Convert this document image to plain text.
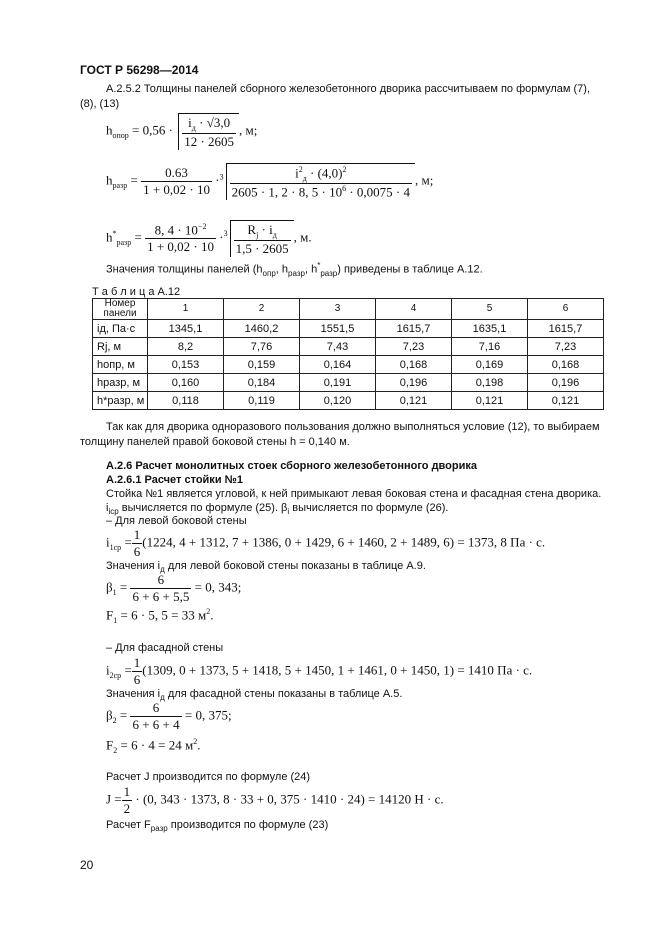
ГОСТ Р 56298—2014
А.2.5.2 Толщины панелей сборного железобетонного дворика рассчитываем по формулам (7),
(8), (13)
$h_{опор} = 0,56 \cdot \frac{i_д \cdot √3,0}{12 \cdot 2605}$ , м;
$h_{разр} = \frac{0.63}{1 + 0,02 \cdot 10} \cdot^3 \frac{i^2_д \cdot (4,0)^2}{2605 \cdot 1, 2 \cdot 8, 5 \cdot 10^6 \cdot 0,0075 \cdot 4}$ , м;
$h^*_{разр} = \frac{8, 4 \cdot 10^{-2}}{1 + 0,02 \cdot 10} \cdot^3 \frac{R_j \cdot i_д}{1,5 \cdot 2605}$ , м.
Значения толщины панелей ($h_{опр}$, $h_{разр}$, $h^*_{разр}$) приведены в таблице А.12.
Т а б л и ц а А.12
Номер панели	1	2	3	4	5	6
iд, Па·с	1345,1	1460,2	1551,5	1615,7	1635,1	1615,7
Rj, м	8,2	7,76	7,43	7,23	7,16	7,23
hопр, м	0,153	0,159	0,164	0,168	0,169	0,168
hразр, м	0,160	0,184	0,191	0,196	0,198	0,196
h*разр, м	0,118	0,119	0,120	0,121	0,121	0,121
Так как для дворика одноразового пользования должно выполняться условие (12), то выбираем
толщину панелей правой боковой стены h = 0,140 м.
А.2.6 Расчет монолитных стоек сборного железобетонного дворика
А.2.6.1 Расчет стойки №1
Стойка №1 является угловой, к ней примыкают левая боковая стена и фасадная стена дворика.
$i_{iср}$ вычисляется по формуле (25). $\beta_i$ вычисляется по формуле (26).
– Для левой боковой стены
$i_{1ср} = \frac{1}{6} (1224$, 4 + 1312, 7 + 1386, 0 + 1429, 6 + 1460, 2 + 1489, 6) = 1373, 8 Па · с.
Значения $i_д$ для левой боковой стены показаны в таблице А.9.
$\beta_1 = \frac{6}{6 + 6 + 5,5} = 0$, 343;
$F_1 = 6 \cdot 5$, 5 = 33 $м^2$.
– Для фасадной стены
$i_{2ср} = \frac{1}{6} (1309$, 0 + 1373, 5 + 1418, 5 + 1450, 1 + 1461, 0 + 1450, 1) = 1410 Па · с.
Значения $i_д$ для фасадной стены показаны в таблице А.5.
$\beta_2 = \frac{6}{6 + 6 + 4} = 0$, 375;
$F_2 = 6 \cdot 4 = 24$ $м^2$.
Расчет J производится по формуле (24)
$J = \frac{1}{2} \cdot (0$, 343 · 1373, 8 · 33 + 0, 375 · 1410 · 24) = 14120 Н · с.
Расчет $F_{разр}$ производится по формуле (23)
20
